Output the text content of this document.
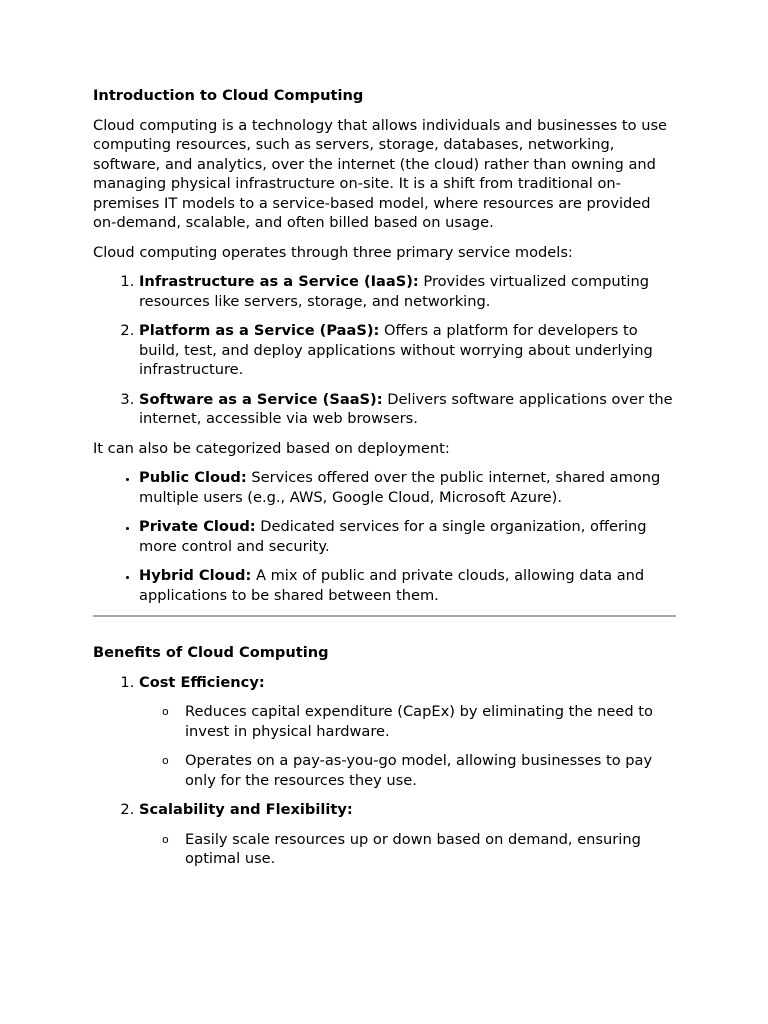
Introduction to Cloud Computing

Cloud computing is a technology that allows individuals and businesses to use computing resources, such as servers, storage, databases, networking, software, and analytics, over the internet (the cloud) rather than owning and managing physical infrastructure on-site. It is a shift from traditional on-premises IT models to a service-based model, where resources are provided on-demand, scalable, and often billed based on usage.

Cloud computing operates through three primary service models:

1. Infrastructure as a Service (IaaS): Provides virtualized computing resources like servers, storage, and networking.
2. Platform as a Service (PaaS): Offers a platform for developers to build, test, and deploy applications without worrying about underlying infrastructure.
3. Software as a Service (SaaS): Delivers software applications over the internet, accessible via web browsers.

It can also be categorized based on deployment:

• Public Cloud: Services offered over the public internet, shared among multiple users (e.g., AWS, Google Cloud, Microsoft Azure).
• Private Cloud: Dedicated services for a single organization, offering more control and security.
• Hybrid Cloud: A mix of public and private clouds, allowing data and applications to be shared between them.
Benefits of Cloud Computing
1. Cost Efficiency:
o Reduces capital expenditure (CapEx) by eliminating the need to invest in physical hardware.
o Operates on a pay-as-you-go model, allowing businesses to pay only for the resources they use.
2. Scalability and Flexibility:
o Easily scale resources up or down based on demand, ensuring optimal use.
